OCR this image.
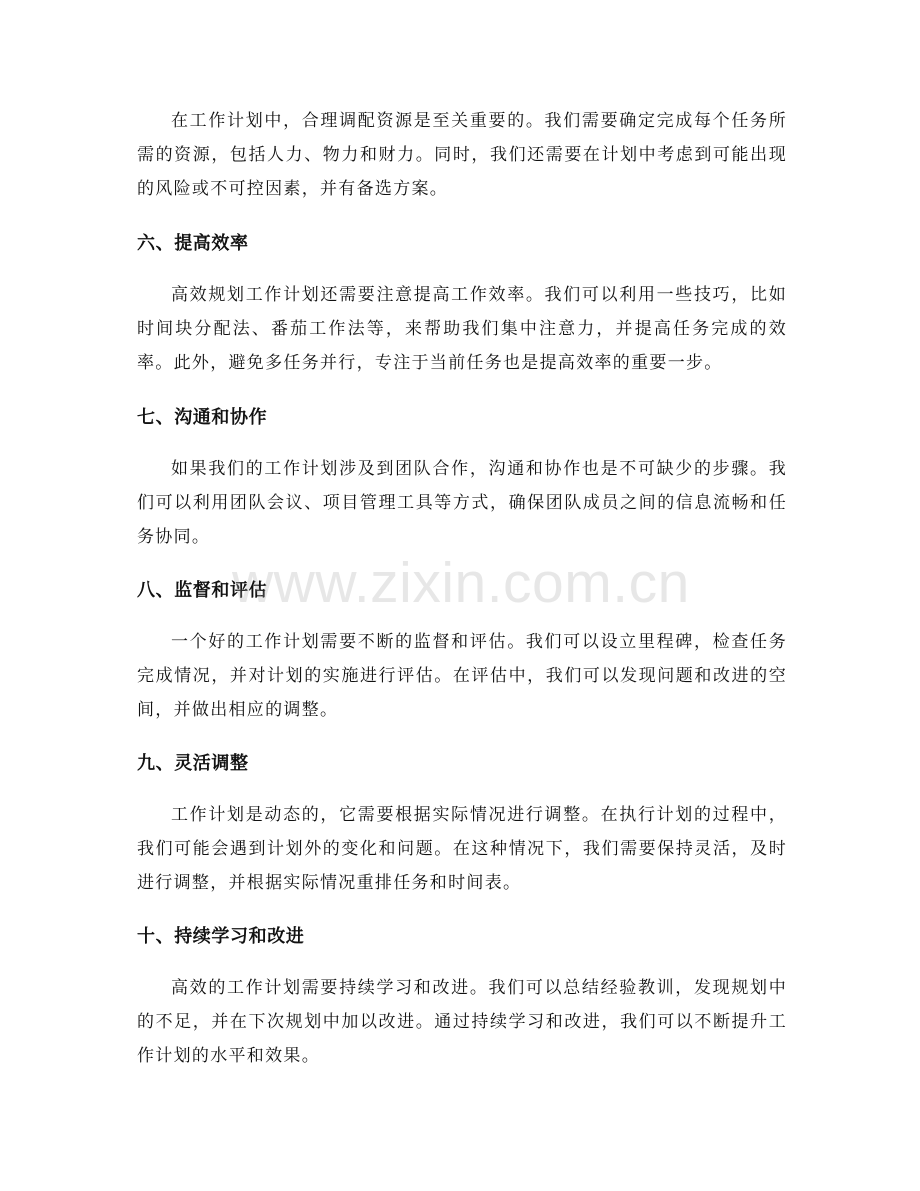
在工作计划中，合理调配资源是至关重要的。我们需要确定完成每个任务所需的资源，包括人力、物力和财力。同时，我们还需要在计划中考虑到可能出现的风险或不可控因素，并有备选方案。

六、提高效率

高效规划工作计划还需要注意提高工作效率。我们可以利用一些技巧，比如时间块分配法、番茄工作法等，来帮助我们集中注意力，并提高任务完成的效率。此外，避免多任务并行，专注于当前任务也是提高效率的重要一步。

七、沟通和协作

如果我们的工作计划涉及到团队合作，沟通和协作也是不可缺少的步骤。我们可以利用团队会议、项目管理工具等方式，确保团队成员之间的信息流畅和任务协同。

八、监督和评估

一个好的工作计划需要不断的监督和评估。我们可以设立里程碑，检查任务完成情况，并对计划的实施进行评估。在评估中，我们可以发现问题和改进的空间，并做出相应的调整。

九、灵活调整

工作计划是动态的，它需要根据实际情况进行调整。在执行计划的过程中，我们可能会遇到计划外的变化和问题。在这种情况下，我们需要保持灵活，及时进行调整，并根据实际情况重排任务和时间表。

十、持续学习和改进

高效的工作计划需要持续学习和改进。我们可以总结经验教训，发现规划中的不足，并在下次规划中加以改进。通过持续学习和改进，我们可以不断提升工作计划的水平和效果。

www.zixin.com.cn
